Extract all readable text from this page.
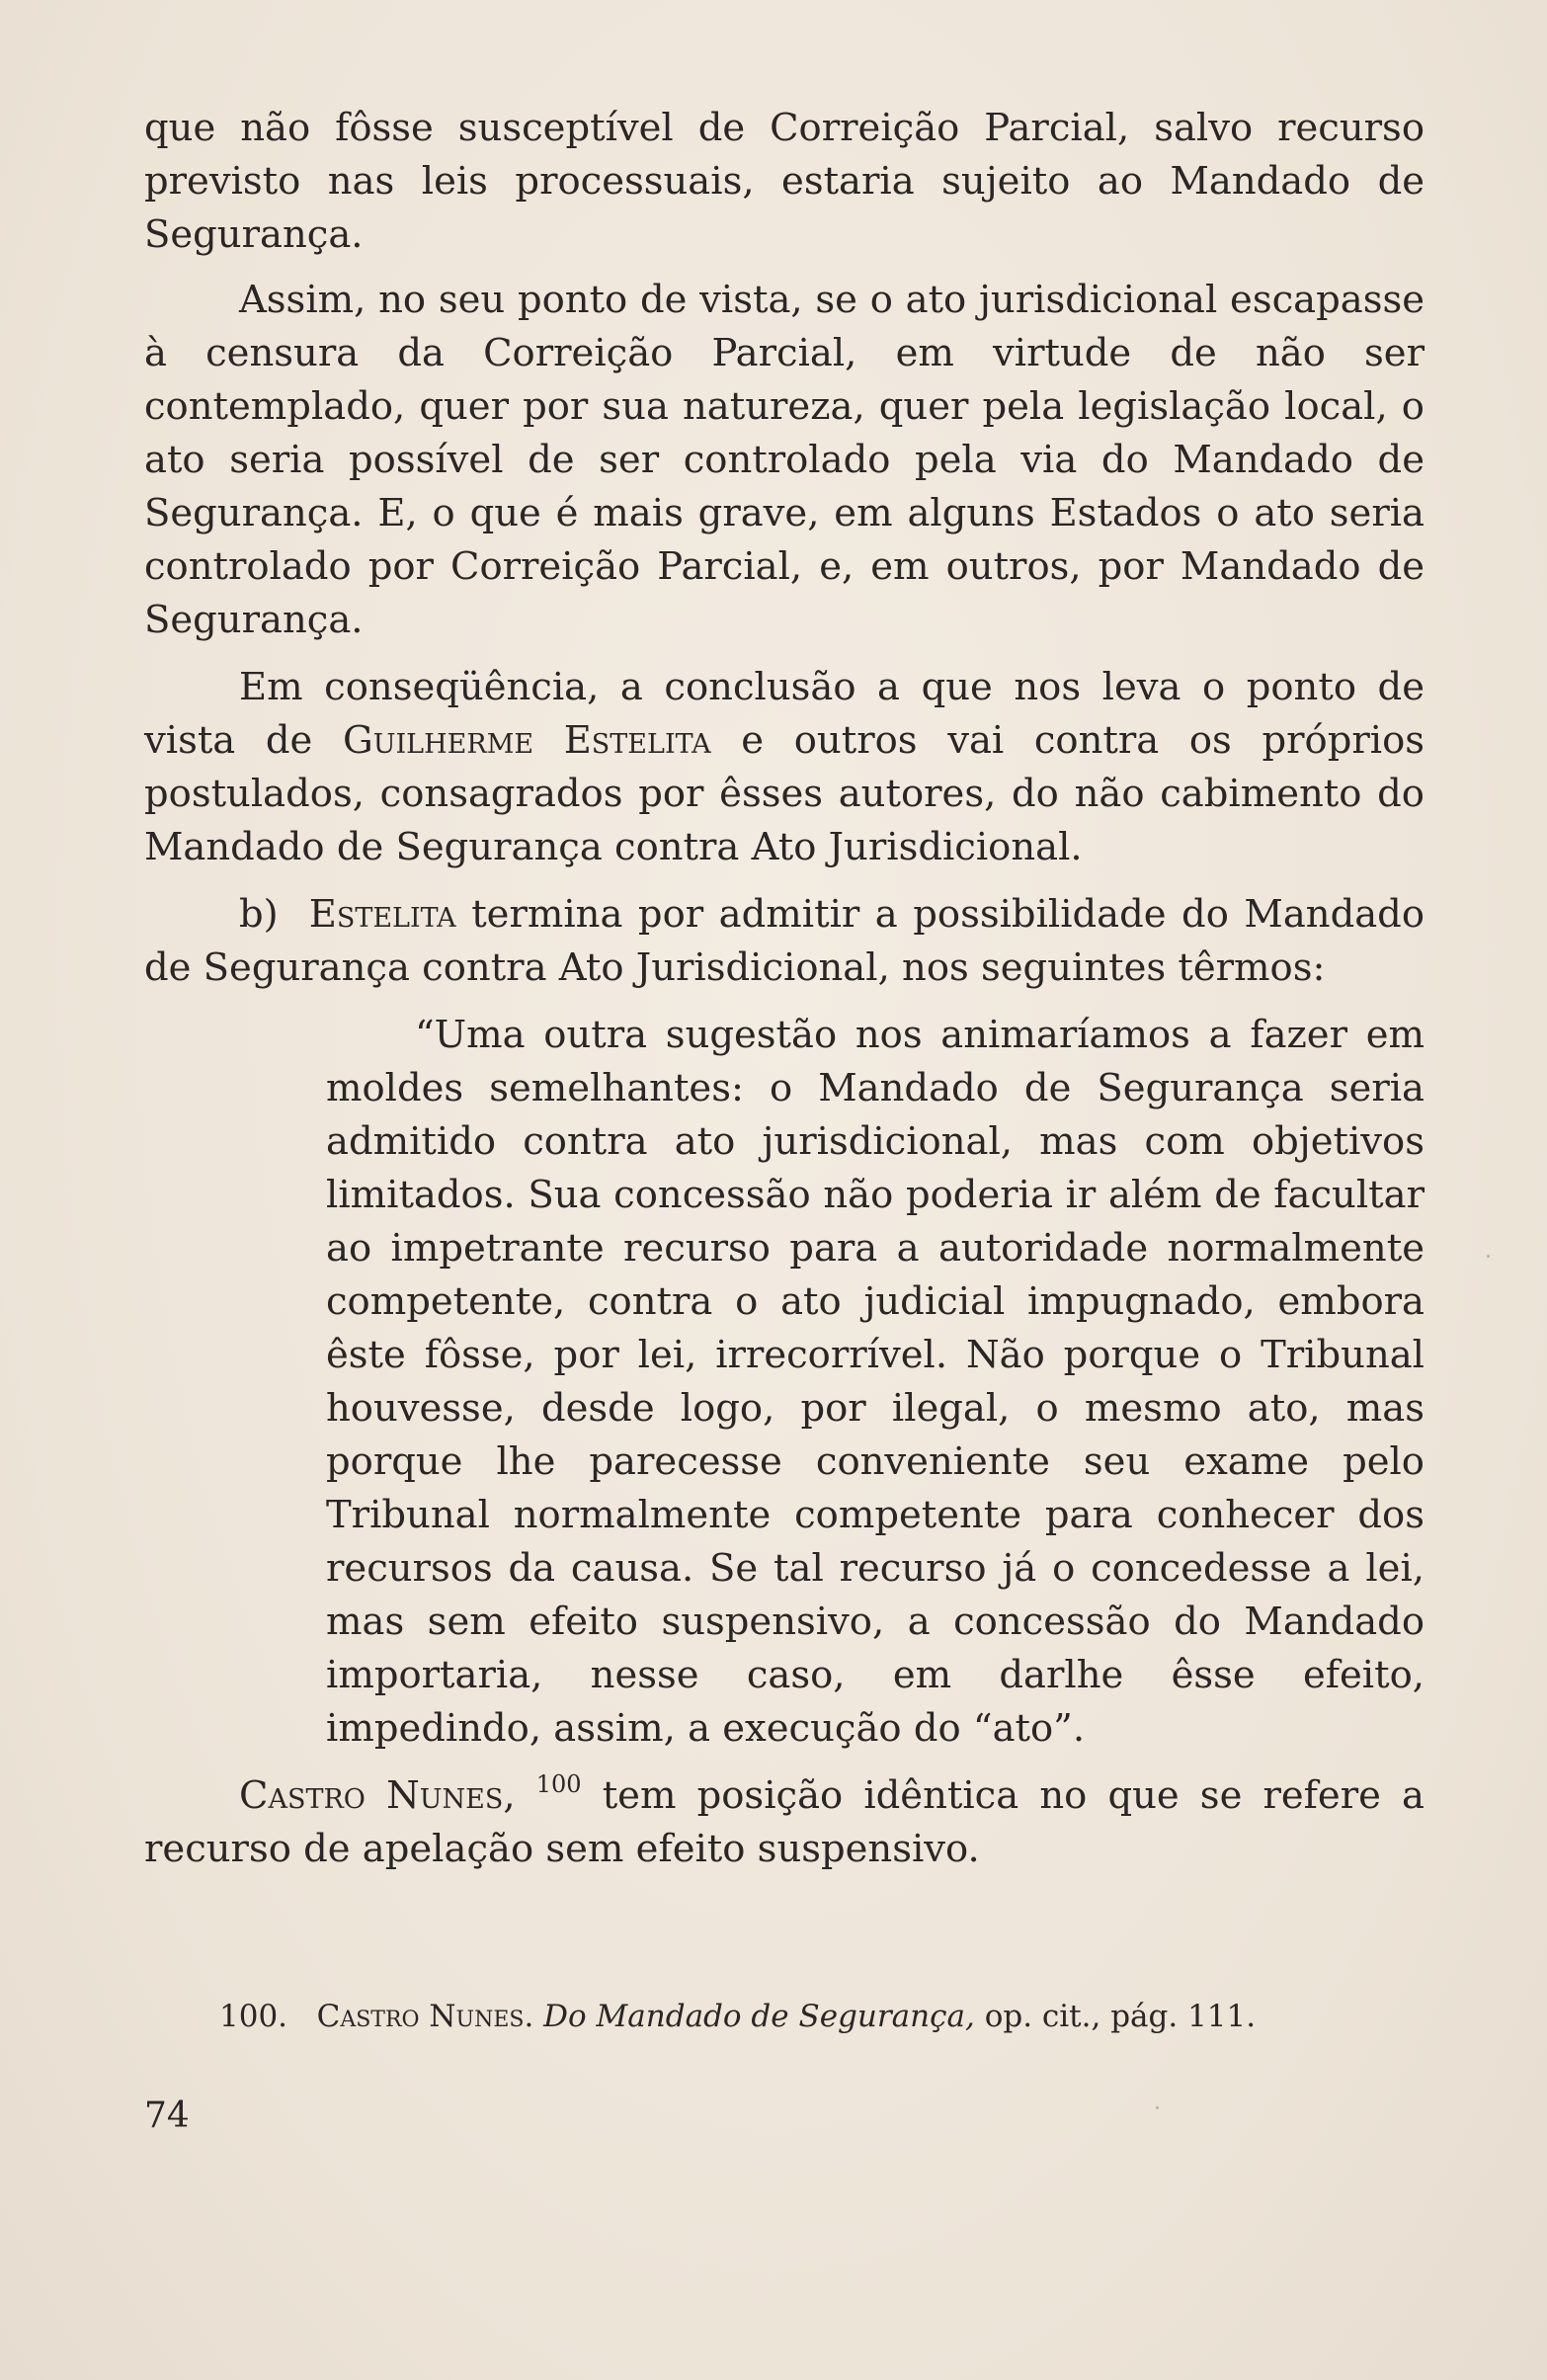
que não fôsse susceptível de Correição Parcial, salvo recurso previsto nas leis processuais, estaria sujeito ao Mandado de Segurança.

Assim, no seu ponto de vista, se o ato jurisdicional escapasse à censura da Correição Parcial, em virtude de não ser contemplado, quer por sua natureza, quer pela legislação local, o ato seria possível de ser controlado pela via do Mandado de Segurança. E, o que é mais grave, em alguns Estados o ato seria controlado por Correição Parcial, e, em outros, por Mandado de Segurança.

Em conseqüência, a conclusão a que nos leva o ponto de vista de Guilherme Estelita e outros vai contra os próprios postulados, consagrados por êsses autores, do não cabimento do Mandado de Segurança contra Ato Jurisdicional.

b) Estelita termina por admitir a possibilidade do Mandado de Segurança contra Ato Jurisdicional, nos seguintes têrmos:

“Uma outra sugestão nos animaríamos a fazer em moldes semelhantes: o Mandado de Segurança seria admitido contra ato jurisdicional, mas com objetivos limitados. Sua concessão não poderia ir além de facultar ao impetrante recurso para a autoridade normalmente competente, contra o ato judicial impugnado, embora êste fôsse, por lei, irrecorrível. Não porque o Tribunal houvesse, desde logo, por ilegal, o mesmo ato, mas porque lhe parecesse conveniente seu exame pelo Tribunal normalmente competente para conhecer dos recursos da causa. Se tal recurso já o concedesse a lei, mas sem efeito suspensivo, a concessão do Mandado importaria, nesse caso, em darlhe êsse efeito, impedindo, assim, a execução do “ato”.

Castro Nunes, $^{100}$ tem posição idêntica no que se refere a recurso de apelação sem efeito suspensivo.

100. Castro Nunes. Do Mandado de Segurança, op. cit., pág. 111.
74
